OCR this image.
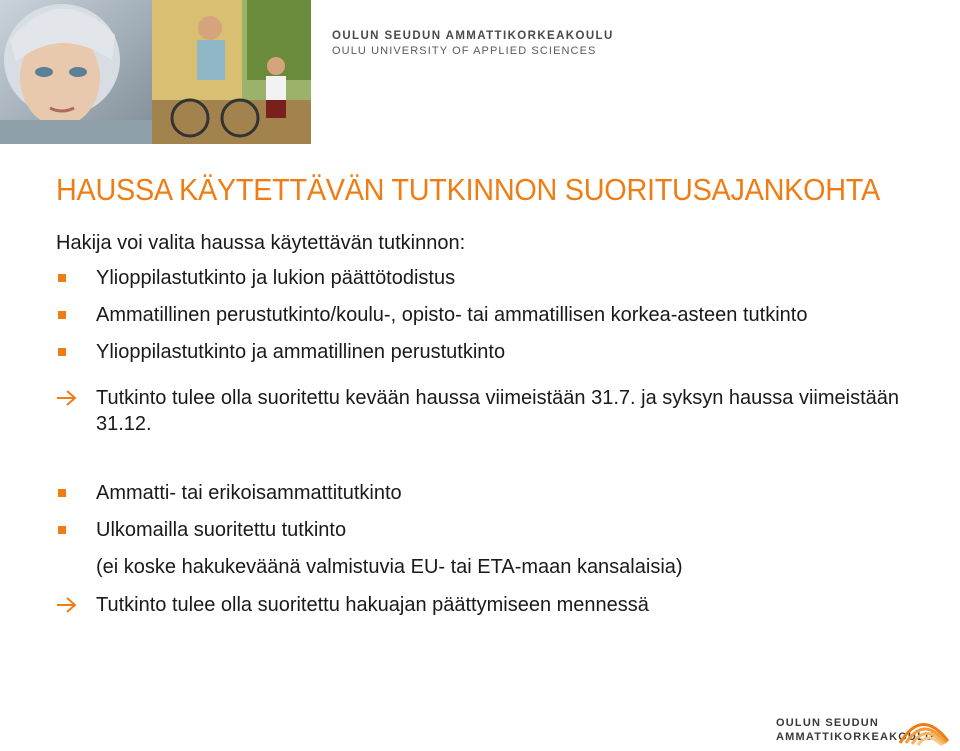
OULUN SEUDUN AMMATTIKORKEAKOULU
OULU UNIVERSITY OF APPLIED SCIENCES
HAUSSA KÄYTETTÄVÄN TUTKINNON SUORITUSAJANKOHTA
Hakija voi valita haussa käytettävän tutkinnon:
Ylioppilastutkinto ja lukion päättötodistus
Ammatillinen perustutkinto/koulu-, opisto- tai ammatillisen korkea-asteen tutkinto
Ylioppilastutkinto ja ammatillinen perustutkinto
Tutkinto tulee olla suoritettu kevään haussa viimeistään 31.7. ja syksyn haussa viimeistään 31.12.
Ammatti- tai erikoisammattitutkinto
Ulkomailla suoritettu tutkinto
(ei koske hakukeväänä valmistuvia EU- tai ETA-maan kansalaisia)
Tutkinto tulee olla suoritettu hakuajan päättymiseen mennessä
OULUN SEUDUN
AMMATTIKORKEAKOULU
